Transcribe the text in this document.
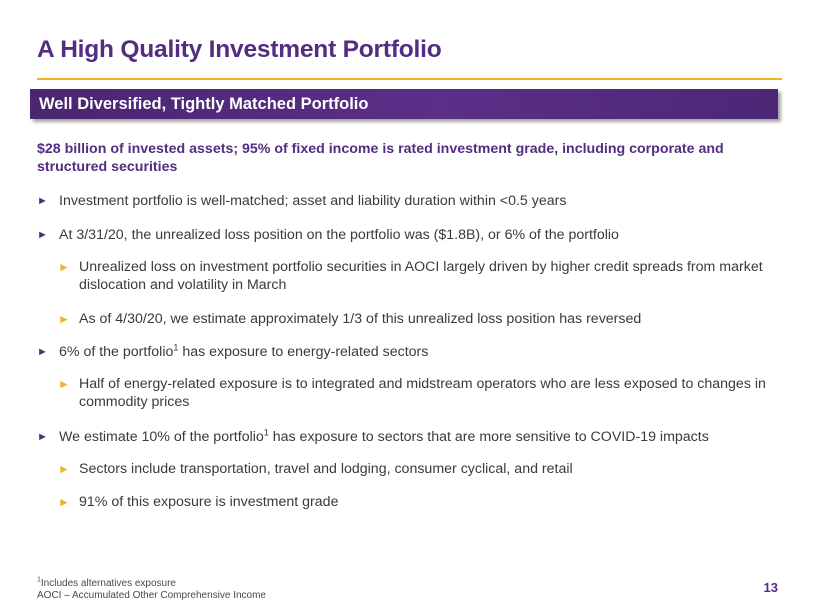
A High Quality Investment Portfolio
Well Diversified, Tightly Matched Portfolio
$28 billion of invested assets; 95% of fixed income is rated investment grade, including corporate and structured securities
► Investment portfolio is well-matched; asset and liability duration within <0.5 years
► At 3/31/20, the unrealized loss position on the portfolio was ($1.8B), or 6% of the portfolio
► Unrealized loss on investment portfolio securities in AOCI largely driven by higher credit spreads from market dislocation and volatility in March
► As of 4/30/20, we estimate approximately 1/3 of this unrealized loss position has reversed
► 6% of the portfolio$^1$ has exposure to energy-related sectors
► Half of energy-related exposure is to integrated and midstream operators who are less exposed to changes in commodity prices
► We estimate 10% of the portfolio$^1$ has exposure to sectors that are more sensitive to COVID-19 impacts
► Sectors include transportation, travel and lodging, consumer cyclical, and retail
► 91% of this exposure is investment grade
$^1$Includes alternatives exposure
AOCI – Accumulated Other Comprehensive Income
13
